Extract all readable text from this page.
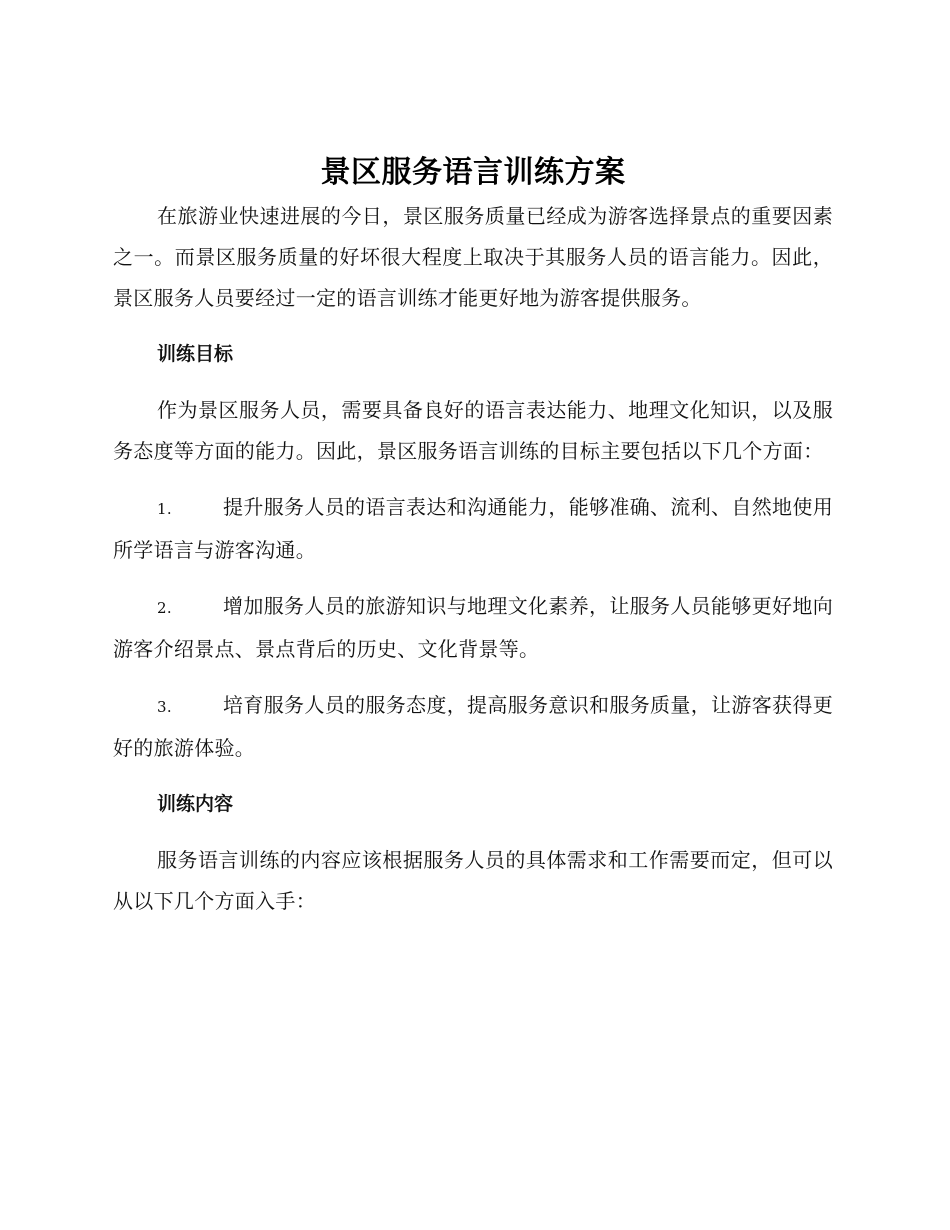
景区服务语言训练方案

在旅游业快速进展的今日，景区服务质量已经成为游客选择景点的重要因素之一。而景区服务质量的好坏很大程度上取决于其服务人员的语言能力。因此，景区服务人员要经过一定的语言训练才能更好地为游客提供服务。

训练目标

作为景区服务人员，需要具备良好的语言表达能力、地理文化知识，以及服务态度等方面的能力。因此，景区服务语言训练的目标主要包括以下几个方面：

1.	提升服务人员的语言表达和沟通能力，能够准确、流利、自然地使用所学语言与游客沟通。

2.	增加服务人员的旅游知识与地理文化素养，让服务人员能够更好地向游客介绍景点、景点背后的历史、文化背景等。

3.	培育服务人员的服务态度，提高服务意识和服务质量，让游客获得更好的旅游体验。

训练内容

服务语言训练的内容应该根据服务人员的具体需求和工作需要而定，但可以从以下几个方面入手：
